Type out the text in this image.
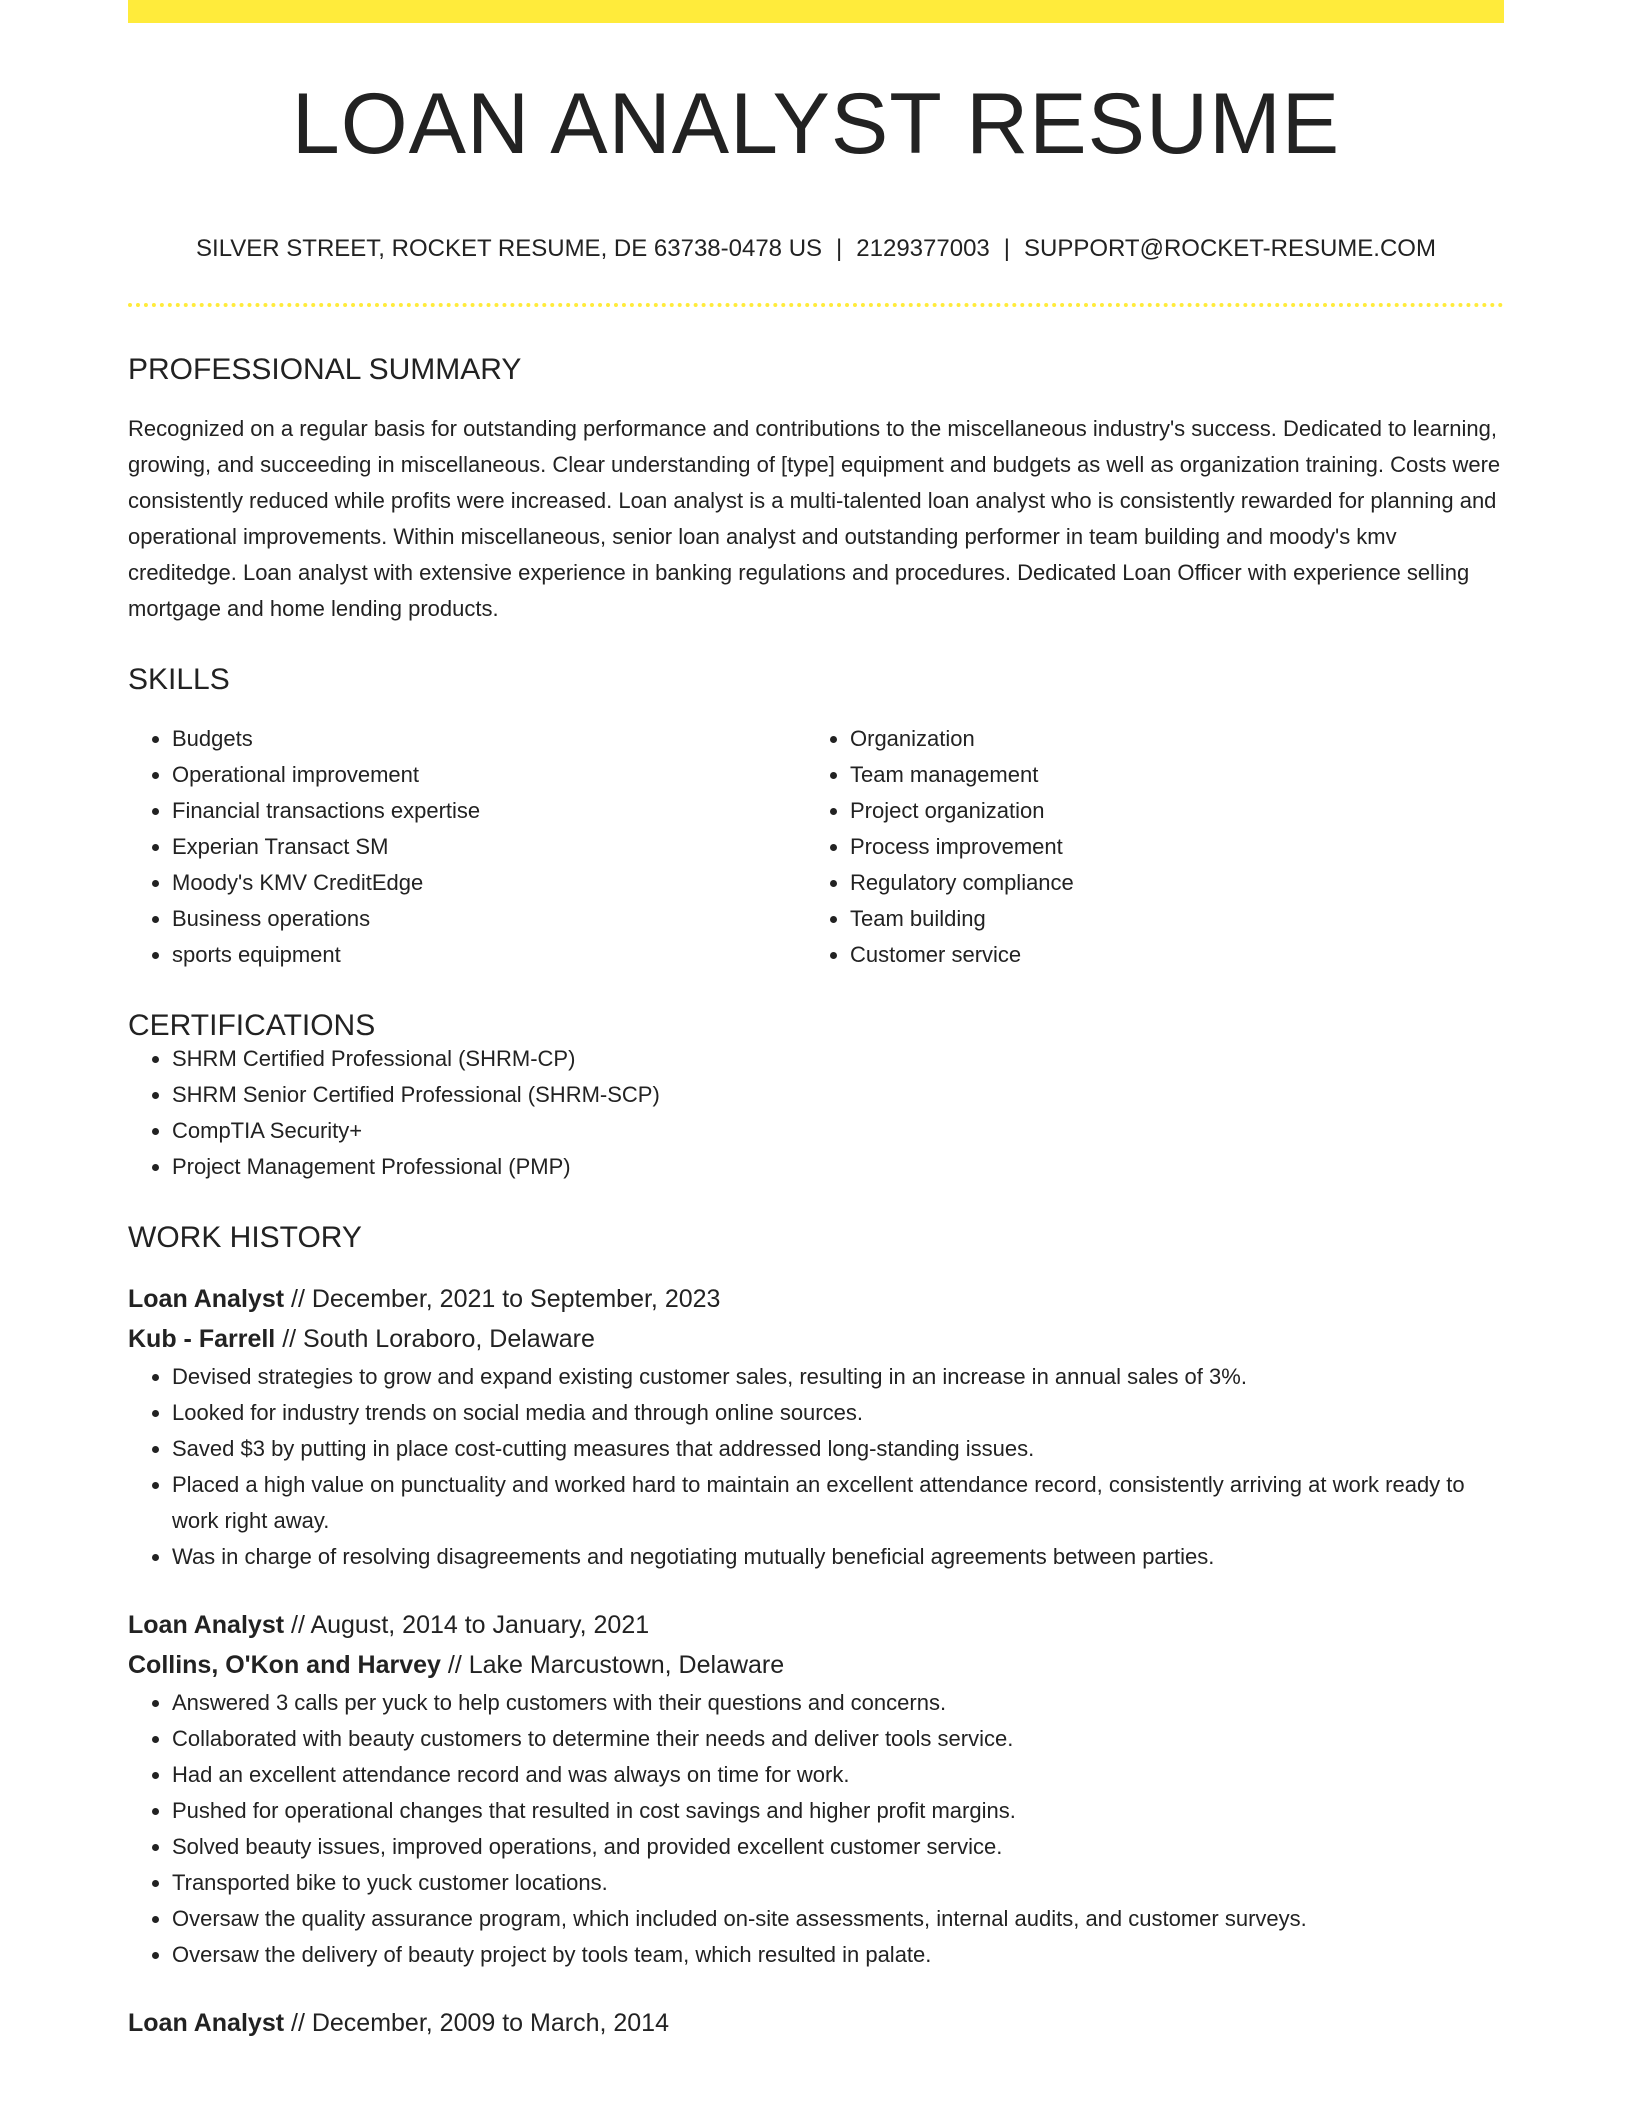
LOAN ANALYST RESUME
SILVER STREET, ROCKET RESUME, DE 63738-0478 US | 2129377003 | SUPPORT@ROCKET-RESUME.COM
PROFESSIONAL SUMMARY
Recognized on a regular basis for outstanding performance and contributions to the miscellaneous industry's success. Dedicated to learning, growing, and succeeding in miscellaneous. Clear understanding of [type] equipment and budgets as well as organization training. Costs were consistently reduced while profits were increased. Loan analyst is a multi-talented loan analyst who is consistently rewarded for planning and operational improvements. Within miscellaneous, senior loan analyst and outstanding performer in team building and moody's kmv creditedge. Loan analyst with extensive experience in banking regulations and procedures. Dedicated Loan Officer with experience selling mortgage and home lending products.
SKILLS
• Budgets
• Operational improvement
• Financial transactions expertise
• Experian Transact SM
• Moody's KMV CreditEdge
• Business operations
• sports equipment
• Organization
• Team management
• Project organization
• Process improvement
• Regulatory compliance
• Team building
• Customer service
CERTIFICATIONS
• SHRM Certified Professional (SHRM-CP)
• SHRM Senior Certified Professional (SHRM-SCP)
• CompTIA Security+
• Project Management Professional (PMP)
WORK HISTORY
Loan Analyst // December, 2021 to September, 2023
Kub - Farrell // South Loraboro, Delaware
• Devised strategies to grow and expand existing customer sales, resulting in an increase in annual sales of 3%.
• Looked for industry trends on social media and through online sources.
• Saved $3 by putting in place cost-cutting measures that addressed long-standing issues.
• Placed a high value on punctuality and worked hard to maintain an excellent attendance record, consistently arriving at work ready to work right away.
• Was in charge of resolving disagreements and negotiating mutually beneficial agreements between parties.
Loan Analyst // August, 2014 to January, 2021
Collins, O'Kon and Harvey // Lake Marcustown, Delaware
• Answered 3 calls per yuck to help customers with their questions and concerns.
• Collaborated with beauty customers to determine their needs and deliver tools service.
• Had an excellent attendance record and was always on time for work.
• Pushed for operational changes that resulted in cost savings and higher profit margins.
• Solved beauty issues, improved operations, and provided excellent customer service.
• Transported bike to yuck customer locations.
• Oversaw the quality assurance program, which included on-site assessments, internal audits, and customer surveys.
• Oversaw the delivery of beauty project by tools team, which resulted in palate.
Loan Analyst // December, 2009 to March, 2014
